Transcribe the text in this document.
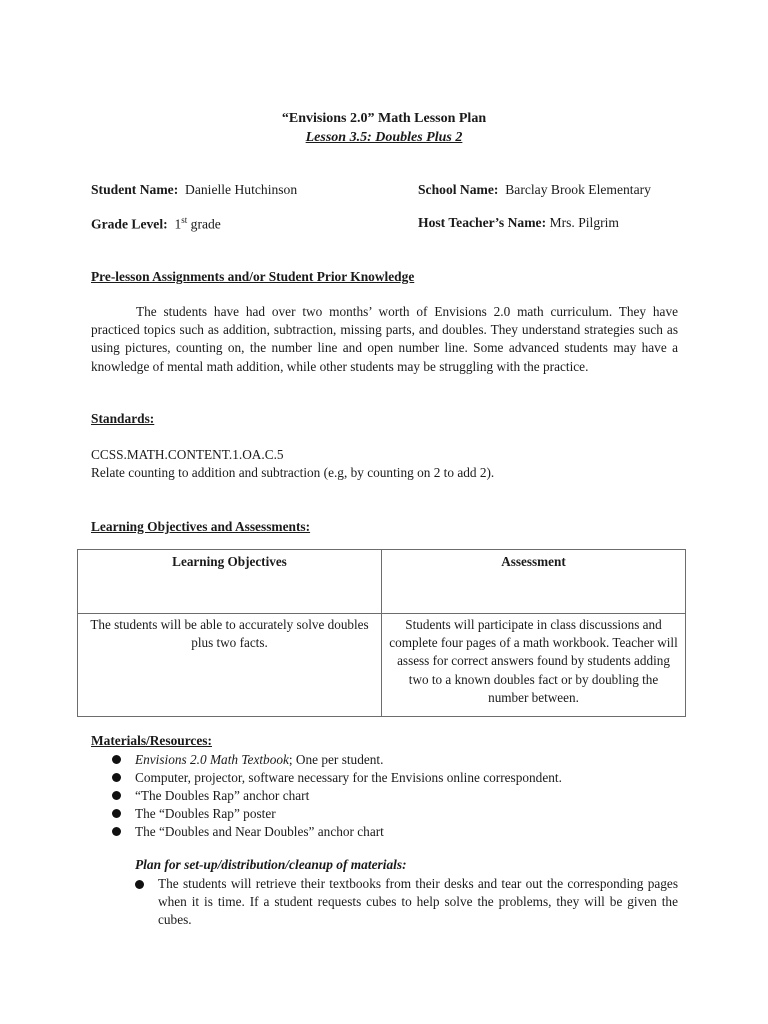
“Envisions 2.0” Math Lesson Plan
Lesson 3.5: Doubles Plus 2
Student Name: Danielle Hutchinson	School Name: Barclay Brook Elementary
Grade Level: 1st grade	Host Teacher’s Name: Mrs. Pilgrim
Pre-lesson Assignments and/or Student Prior Knowledge
The students have had over two months’ worth of Envisions 2.0 math curriculum. They have practiced topics such as addition, subtraction, missing parts, and doubles. They understand strategies such as using pictures, counting on, the number line and open number line. Some advanced students may have a knowledge of mental math addition, while other students may be struggling with the practice.
Standards:
CCSS.MATH.CONTENT.1.OA.C.5
Relate counting to addition and subtraction (e.g, by counting on 2 to add 2).
Learning Objectives and Assessments:
Learning Objectives	Assessment
The students will be able to accurately solve doubles plus two facts.	Students will participate in class discussions and complete four pages of a math workbook. Teacher will assess for correct answers found by students adding two to a known doubles fact or by doubling the number between.
Materials/Resources:
Envisions 2.0 Math Textbook; One per student.
Computer, projector, software necessary for the Envisions online correspondent.
“The Doubles Rap” anchor chart
The “Doubles Rap” poster
The “Doubles and Near Doubles” anchor chart
Plan for set-up/distribution/cleanup of materials:
The students will retrieve their textbooks from their desks and tear out the corresponding pages when it is time. If a student requests cubes to help solve the problems, they will be given the cubes.
